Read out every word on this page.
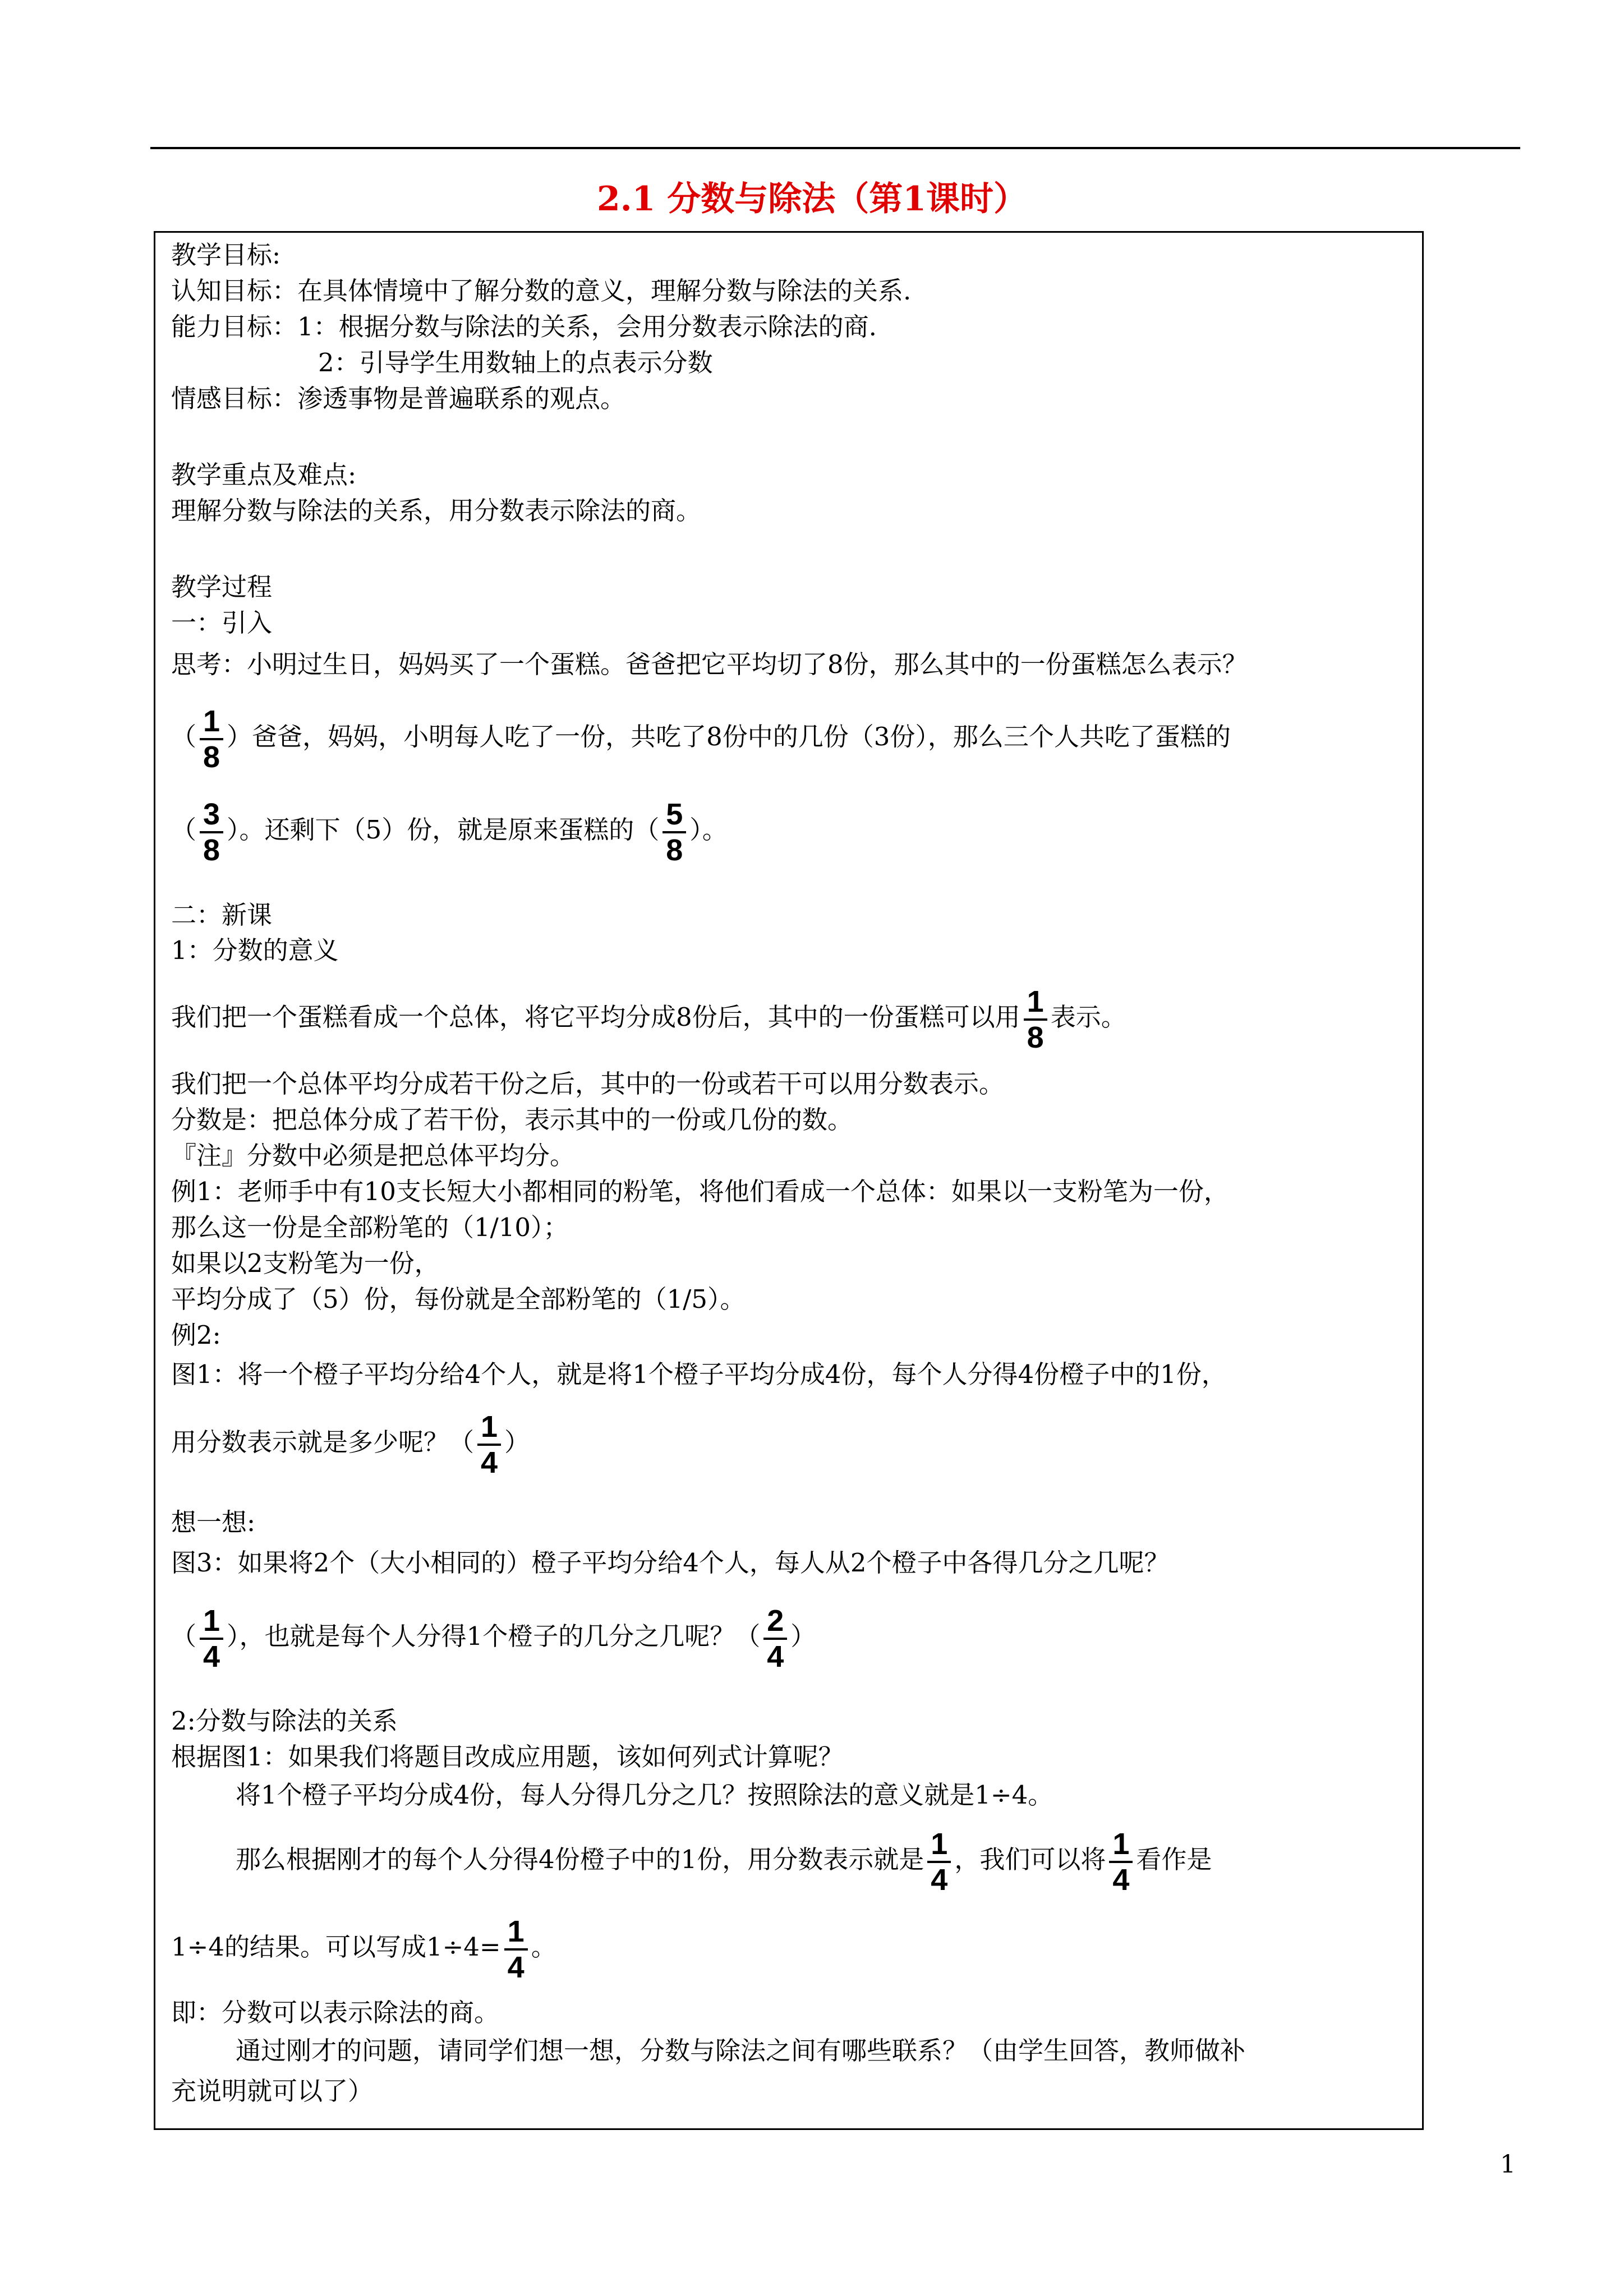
2.1 分数与除法（第1课时）
教学目标:
认知目标：在具体情境中了解分数的意义，理解分数与除法的关系.
能力目标：1：根据分数与除法的关系，会用分数表示除法的商.
2：引导学生用数轴上的点表示分数
情感目标：渗透事物是普遍联系的观点。
教学重点及难点:
理解分数与除法的关系，用分数表示除法的商。
教学过程
一：引入
思考：小明过生日，妈妈买了一个蛋糕。爸爸把它平均切了8份，那么其中的一份蛋糕怎么表示？
（ $\frac{1}{8}$ ）爸爸，妈妈，小明每人吃了一份，共吃了8份中的几份（3份），那么三个人共吃了蛋糕的
（ $\frac{3}{8}$ ）。还剩下（5）份，就是原来蛋糕的（ $\frac{5}{8}$ ）。
二：新课
1：分数的意义
我们把一个蛋糕看成一个总体，将它平均分成8份后，其中的一份蛋糕可以用 $\frac{1}{8}$ 表示。
我们把一个总体平均分成若干份之后，其中的一份或若干可以用分数表示。
分数是：把总体分成了若干份，表示其中的一份或几份的数。
『注』分数中必须是把总体平均分。
例1：老师手中有10支长短大小都相同的粉笔，将他们看成一个总体：如果以一支粉笔为一份，
那么这一份是全部粉笔的（1/10）；
如果以2支粉笔为一份，
平均分成了（5）份，每份就是全部粉笔的（1/5）。
例2:
图1：将一个橙子平均分给4个人，就是将1个橙子平均分成4份，每个人分得4份橙子中的1份，
用分数表示就是多少呢？（ $\frac{1}{4}$ ）
想一想:
图3：如果将2个（大小相同的）橙子平均分给4个人，每人从2个橙子中各得几分之几呢？
（ $\frac{1}{4}$ ），也就是每个人分得1个橙子的几分之几呢？（ $\frac{2}{4}$ ）
2:分数与除法的关系
根据图1：如果我们将题目改成应用题，该如何列式计算呢？
将1个橙子平均分成4份，每人分得几分之几？按照除法的意义就是1÷4。
那么根据刚才的每个人分得4份橙子中的1份，用分数表示就是 $\frac{1}{4}$ ，我们可以将 $\frac{1}{4}$ 看作是
1÷4的结果。可以写成$1\div 4= \frac{1}{4}$ 。
即：分数可以表示除法的商。
通过刚才的问题，请同学们想一想，分数与除法之间有哪些联系？（由学生回答，教师做补
充说明就可以了）
1
